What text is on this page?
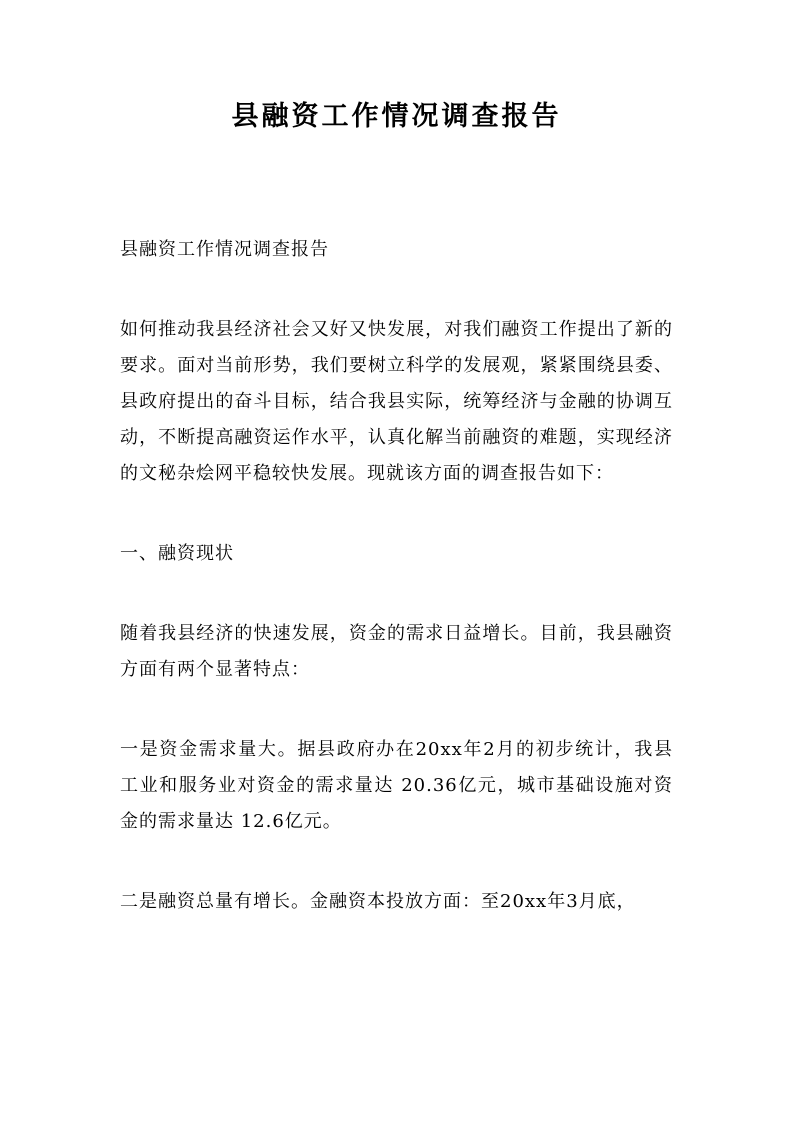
县融资工作情况调查报告

县融资工作情况调查报告

如何推动我县经济社会又好又快发展，对我们融资工作提出了新的要求。面对当前形势，我们要树立科学的发展观，紧紧围绕县委、县政府提出的奋斗目标，结合我县实际，统筹经济与金融的协调互动，不断提高融资运作水平，认真化解当前融资的难题，实现经济的文秘杂烩网平稳较快发展。现就该方面的调查报告如下：

一、融资现状

随着我县经济的快速发展，资金的需求日益增长。目前，我县融资方面有两个显著特点：

一是资金需求量大。据县政府办在20xx年2月的初步统计，我县工业和服务业对资金的需求量达 20.36亿元，城市基础设施对资金的需求量达 12.6亿元。

二是融资总量有增长。金融资本投放方面：至20xx年3月底，
